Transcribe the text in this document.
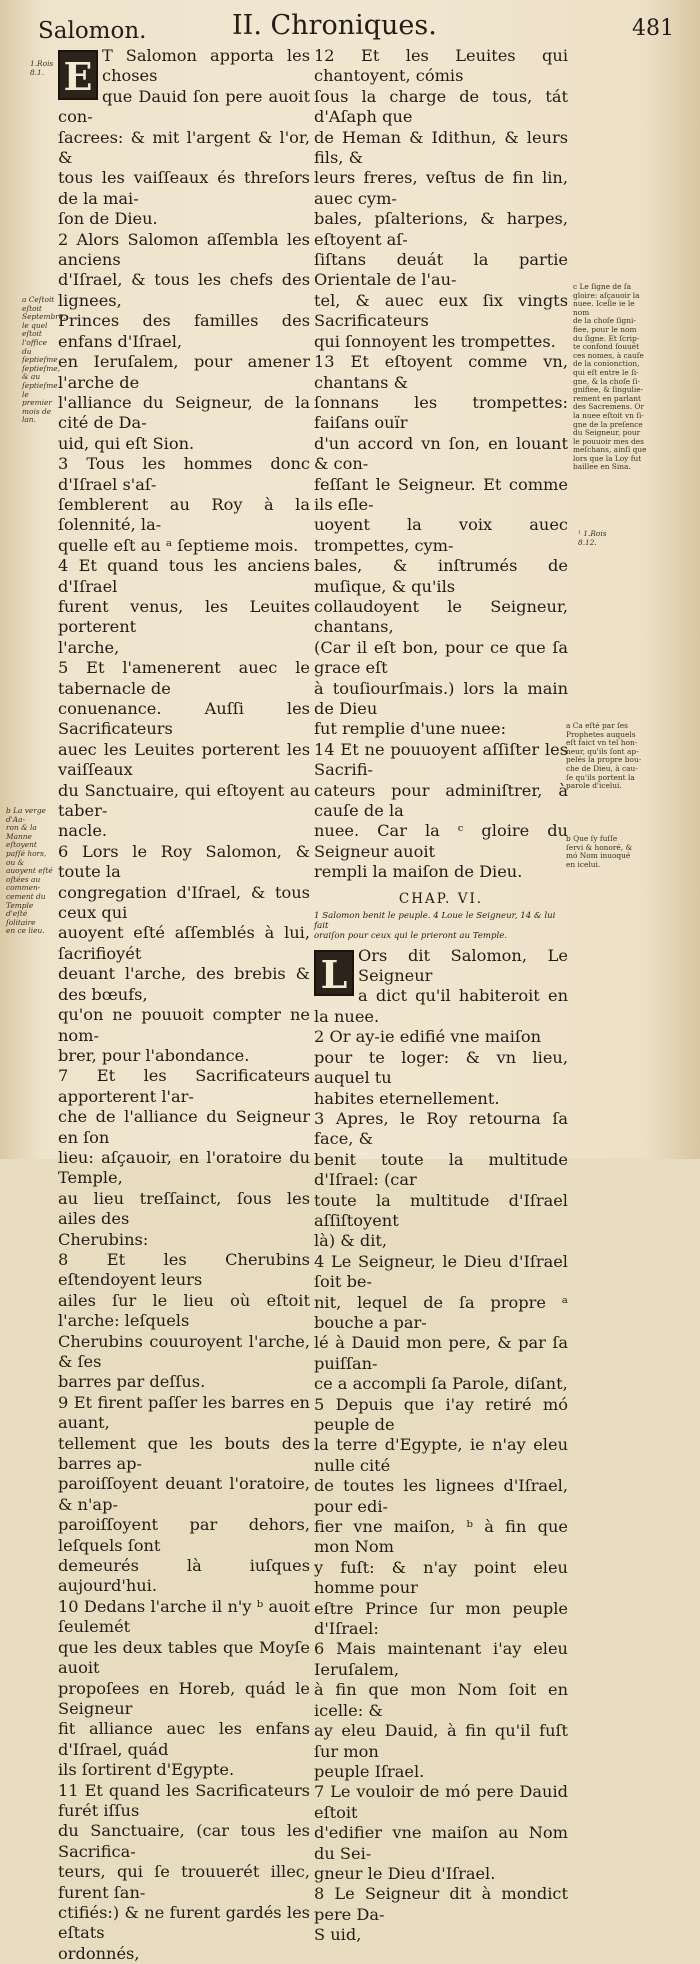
Salomon.	II. Chroniques.	481
1.Rois 8.1.
a Ceſtoit eſtoit
Septembre, le quel
eſtoit l'office du
ſeptieſme ſeptieſme,
& au ſeptieſme le
premier mois de
lan.
b La verge d'Aa-
ron & la Manne
eſtoyent paſſé hors,
ou & auoyent eſté
oſtées au commen-
cement du Temple
d'eſté ſolitaire
en ce lieu.
E T Salomon apporta les choses
que Dauid ſon pere auoit con-
ſacrees: & mit l'argent & l'or, &
tous les vaiſſeaux és threſors de la mai-
ſon de Dieu.

2 Alors Salomon aſſembla les anciens
d'Iſrael, & tous les chefs des lignees,
Princes des familles des enfans d'Iſrael,
en Ieruſalem, pour amener l'arche de
l'alliance du Seigneur, de la cité de Da-
uid, qui eſt Sion.

3 Tous les hommes donc d'Iſrael s'aſ-
ſemblerent au Roy à la ſolennité, la-
quelle eſt au ᵃ ſeptieme mois.

4 Et quand tous les anciens d'Iſrael
furent venus, les Leuites porterent
l'arche,

5 Et l'amenerent auec le tabernacle de
conuenance. Auſſi les Sacrificateurs
auec les Leuites porterent les vaiſſeaux
du Sanctuaire, qui eſtoyent au taber-
nacle.

6 Lors le Roy Salomon, & toute la
congregation d'Iſrael, & tous ceux qui
auoyent eſté aſſemblés à lui, ſacrifioyét
deuant l'arche, des brebis & des bœufs,
qu'on ne pouuoit compter ne nom-
brer, pour l'abondance.

7 Et les Sacrificateurs apporterent l'ar-
che de l'alliance du Seigneur en ſon
lieu: aſçauoir, en l'oratoire du Temple,
au lieu treſſainct, ſous les ailes des
Cherubins:

8 Et les Cherubins eſtendoyent leurs
ailes ſur le lieu où eſtoit l'arche: leſquels
Cherubins couuroyent l'arche, & ſes
barres par deſſus.

9 Et firent paſſer les barres en auant,
tellement que les bouts des barres ap-
paroiſſoyent deuant l'oratoire, & n'ap-
paroiſſoyent par dehors, leſquels ſont
demeurés là iuſques aujourd'hui.

10 Dedans l'arche il n'y ᵇ auoit ſeulemét
que les deux tables que Moyſe auoit
propoſees en Horeb, quád le Seigneur
fit alliance auec les enfans d'Iſrael, quád
ils ſortirent d'Egypte.

11 Et quand les Sacrificateurs furét iſſus
du Sanctuaire, (car tous les Sacrifica-
teurs, qui ſe trouuerét illec, furent ſan-
ctifiés:) & ne furent gardés les eſtats
ordonnés,

12 Et les Leuites qui chantoyent, cómis
ſous la charge de tous, tát d'Aſaph que
de Heman & Idithun, & leurs fils, &
leurs freres, veſtus de fin lin, auec cym-
bales, pſalterions, & harpes, eſtoyent aſ-
ſiſtans deuát la partie Orientale de l'au-
tel, & auec eux ſix vingts Sacrificateurs
qui ſonnoyent les trompettes.

13 Et eſtoyent comme vn, chantans &
ſonnans les trompettes: faiſans ouïr
d'un accord vn ſon, en louant & con-
feſſant le Seigneur. Et comme ils eſle-
uoyent la voix auec trompettes, cym-
bales, & inſtrumés de muſique, & qu'ils
collaudoyent le Seigneur, chantans,
(Car il eſt bon, pour ce que ſa grace eſt
à touſiourſmais.) lors la main de Dieu
fut remplie d'une nuee:

14 Et ne pouuoyent aſſiſter les Sacrifi-
cateurs pour adminiſtrer, à cauſe de la
nuee. Car la ᶜ gloire du Seigneur auoit
rempli la maiſon de Dieu.

CHAP. VI.
1 Salomon benit le peuple. 4 Loue le Seigneur, 14 & lui fait
oraiſon pour ceux qui le prieront au Temple.
L Ors dit Salomon, Le Seigneur
a dict qu'il habiteroit en la nuee.

2 Or ay-ie edifié vne maiſon
pour te loger: & vn lieu, auquel tu
habites eternellement.

3 Apres, le Roy retourna ſa face, &
benit toute la multitude d'Iſrael: (car
toute la multitude d'Iſrael aſſiſtoyent
là) & dit,

4 Le Seigneur, le Dieu d'Iſrael ſoit be-
nit, lequel de ſa propre ᵃ bouche a par-
lé à Dauid mon pere, & par ſa puiſſan-
ce a accompli ſa Parole, diſant,

5 Depuis que i'ay retiré mó peuple de
la terre d'Egypte, ie n'ay eleu nulle cité
de toutes les lignees d'Iſrael, pour edi-
fier vne maiſon, ᵇ à fin que mon Nom
y fuſt: & n'ay point eleu homme pour
eſtre Prince ſur mon peuple d'Iſrael:

6 Mais maintenant i'ay eleu Ieruſalem,
à fin que mon Nom ſoit en icelle: &
ay eleu Dauid, à fin qu'il fuſt ſur mon
peuple Iſrael.

7 Le vouloir de mó pere Dauid eſtoit
d'edifier vne maiſon au Nom du Sei-
gneur le Dieu d'Iſrael.

8 Le Seigneur dit à mondict pere Da-
S uid,

c Le ſigne de ſa
gloire: aſçauoir la
nuee. Icelle ie le nom
de la choſe ſigni-
fiee, pour le nom
du ſigne. Et ſcrip-
te confond ſouuét
ces nomes, à cauſe
de la conionction,
qui eſt entre le ſi-
gne, & la choſe ſi-
gnifiee, & ſingulie-
rement en parlant
des Sacremens. Or
la nuee eſtoit vn ſi-
gne de la preſence
du Seigneur, pour
le pouuoir mes des
meſchans, ainſi que
lors que la Loy fut
baillee en Sina.
¹ 1.Rois 8.12.
a Ca eſté par ſes
Prophetes auquels
eſt faict vn tel hon-
neur, qu'ils ſont ap-
pelés la propre bou-
che de Dieu, à cau-
ſe qu'ils portent la
parole d'icelui.
b Que ſy fuſſe
ſervi & honoré, &
mó Nom inuoqué
en icelui.
